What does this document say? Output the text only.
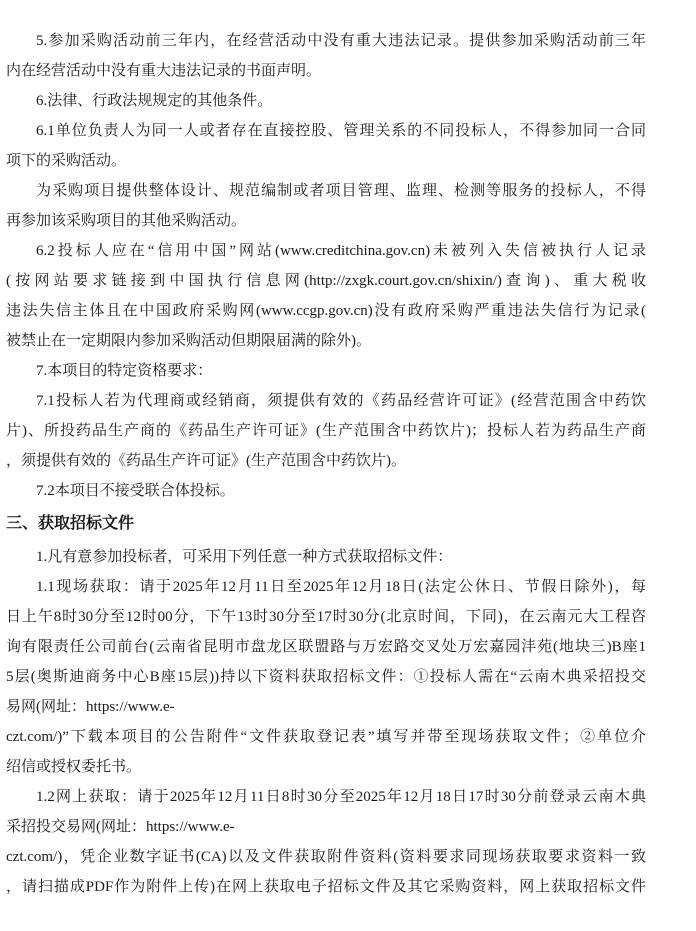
5.参加采购活动前三年内，在经营活动中没有重大违法记录。提供参加采购活动前三年
内在经营活动中没有重大违法记录的书面声明。
6.法律、行政法规规定的其他条件。
6.1单位负责人为同一人或者存在直接控股、管理关系的不同投标人，不得参加同一合同
项下的采购活动。
为采购项目提供整体设计、规范编制或者项目管理、监理、检测等服务的投标人，不得
再参加该采购项目的其他采购活动。
6.2投标人应在“信用中国”网站(www.creditchina.gov.cn)未被列入失信被执行人记录
(按网站要求链接到中国执行信息网(http://zxgk.court.gov.cn/shixin/)查询)、重大税收
违法失信主体且在中国政府采购网(www.ccgp.gov.cn)没有政府采购严重违法失信行为记录(
被禁止在一定期限内参加采购活动但期限届满的除外)。
7.本项目的特定资格要求：
7.1投标人若为代理商或经销商，须提供有效的《药品经营许可证》(经营范围含中药饮
片)、所投药品生产商的《药品生产许可证》(生产范围含中药饮片)；投标人若为药品生产商
，须提供有效的《药品生产许可证》(生产范围含中药饮片)。
7.2本项目不接受联合体投标。
三、获取招标文件
1.凡有意参加投标者，可采用下列任意一种方式获取招标文件：
1.1现场获取：请于2025年12月11日至2025年12月18日(法定公休日、节假日除外)，每
日上午8时30分至12时00分，下午13时30分至17时30分(北京时间，下同)，在云南元大工程咨
询有限责任公司前台(云南省昆明市盘龙区联盟路与万宏路交叉处万宏嘉园沣苑(地块三)B座1
5层(奥斯迪商务中心B座15层))持以下资料获取招标文件：①投标人需在“云南木典采招投交
易网(网址：https://www.e-
czt.com/)”下载本项目的公告附件“文件获取登记表”填写并带至现场获取文件；②单位介
绍信或授权委托书。
1.2网上获取：请于2025年12月11日8时30分至2025年12月18日17时30分前登录云南木典
采招投交易网(网址：https://www.e-
czt.com/)，凭企业数字证书(CA)以及文件获取附件资料(资料要求同现场获取要求资料一致
，请扫描成PDF作为附件上传)在网上获取电子招标文件及其它采购资料，网上获取招标文件
